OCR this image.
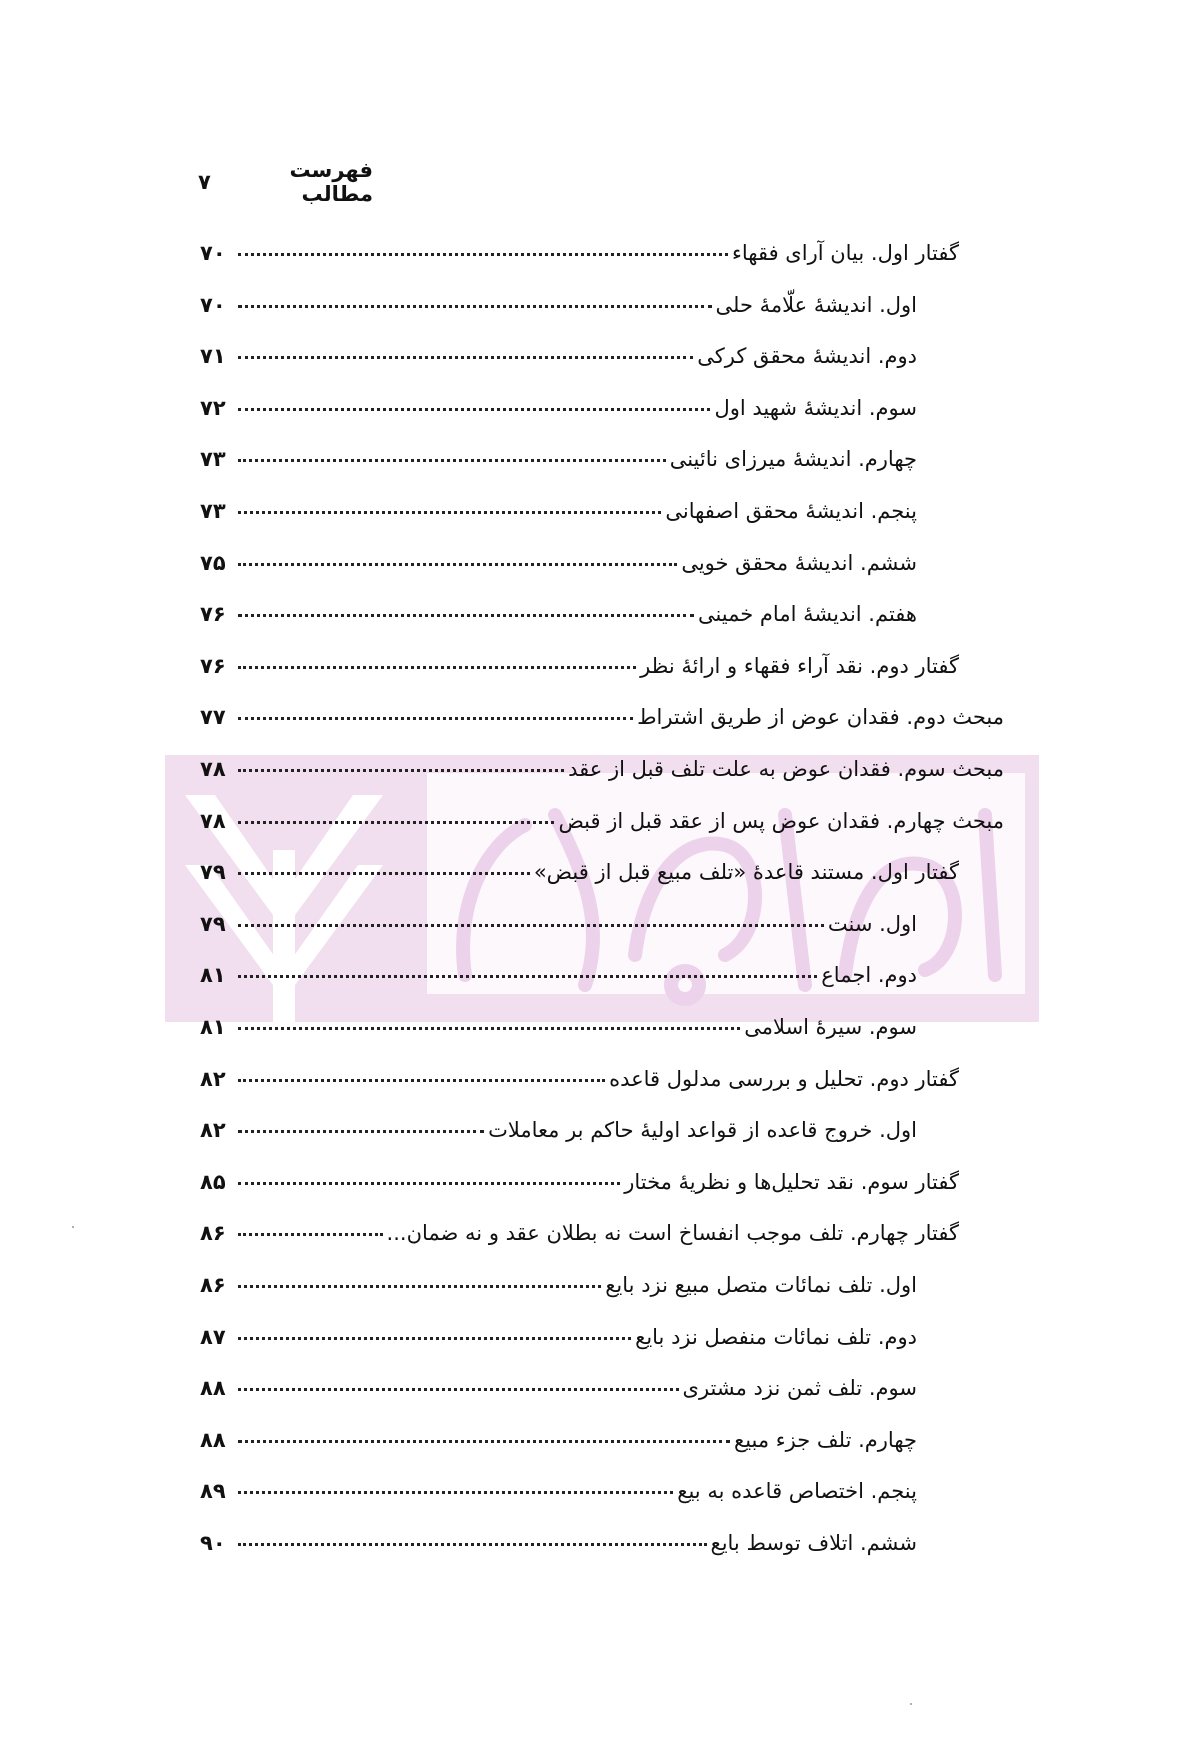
فهرست مطالب
۷
گفتار اول. بیان آرای فقهاء
۷۰
اول. اندیشهٔ علّامهٔ حلی
۷۰
دوم. اندیشهٔ محقق کرکی
۷۱
سوم. اندیشهٔ شهید اول
۷۲
چهارم. اندیشهٔ میرزای نائینی
۷۳
پنجم. اندیشهٔ محقق اصفهانی
۷۳
ششم. اندیشهٔ محقق خویی
۷۵
هفتم. اندیشهٔ امام خمینی
۷۶
گفتار دوم. نقد آراء فقهاء و ارائهٔ نظر
۷۶
مبحث دوم. فقدان عوض از طریق اشتراط
۷۷
مبحث سوم. فقدان عوض به علت تلف قبل از عقد
۷۸
مبحث چهارم. فقدان عوض پس از عقد قبل از قبض
۷۸
گفتار اول. مستند قاعدهٔ «تلف مبیع قبل از قبض»
۷۹
اول. سنت
۷۹
دوم. اجماع
۸۱
سوم. سیرهٔ اسلامی
۸۱
گفتار دوم. تحلیل و بررسی مدلول قاعده
۸۲
اول. خروج قاعده از قواعد اولیهٔ حاکم بر معاملات
۸۲
گفتار سوم. نقد تحلیل‌ها و نظریهٔ مختار
۸۵
گفتار چهارم. تلف موجب انفساخ است نه بطلان عقد و نه ضمان...
۸۶
اول. تلف نمائات متصل مبیع نزد بایع
۸۶
دوم. تلف نمائات منفصل نزد بایع
۸۷
سوم. تلف ثمن نزد مشتری
۸۸
چهارم. تلف جزء مبیع
۸۸
پنجم. اختصاص قاعده به بیع
۸۹
ششم. اتلاف توسط بایع
۹۰
